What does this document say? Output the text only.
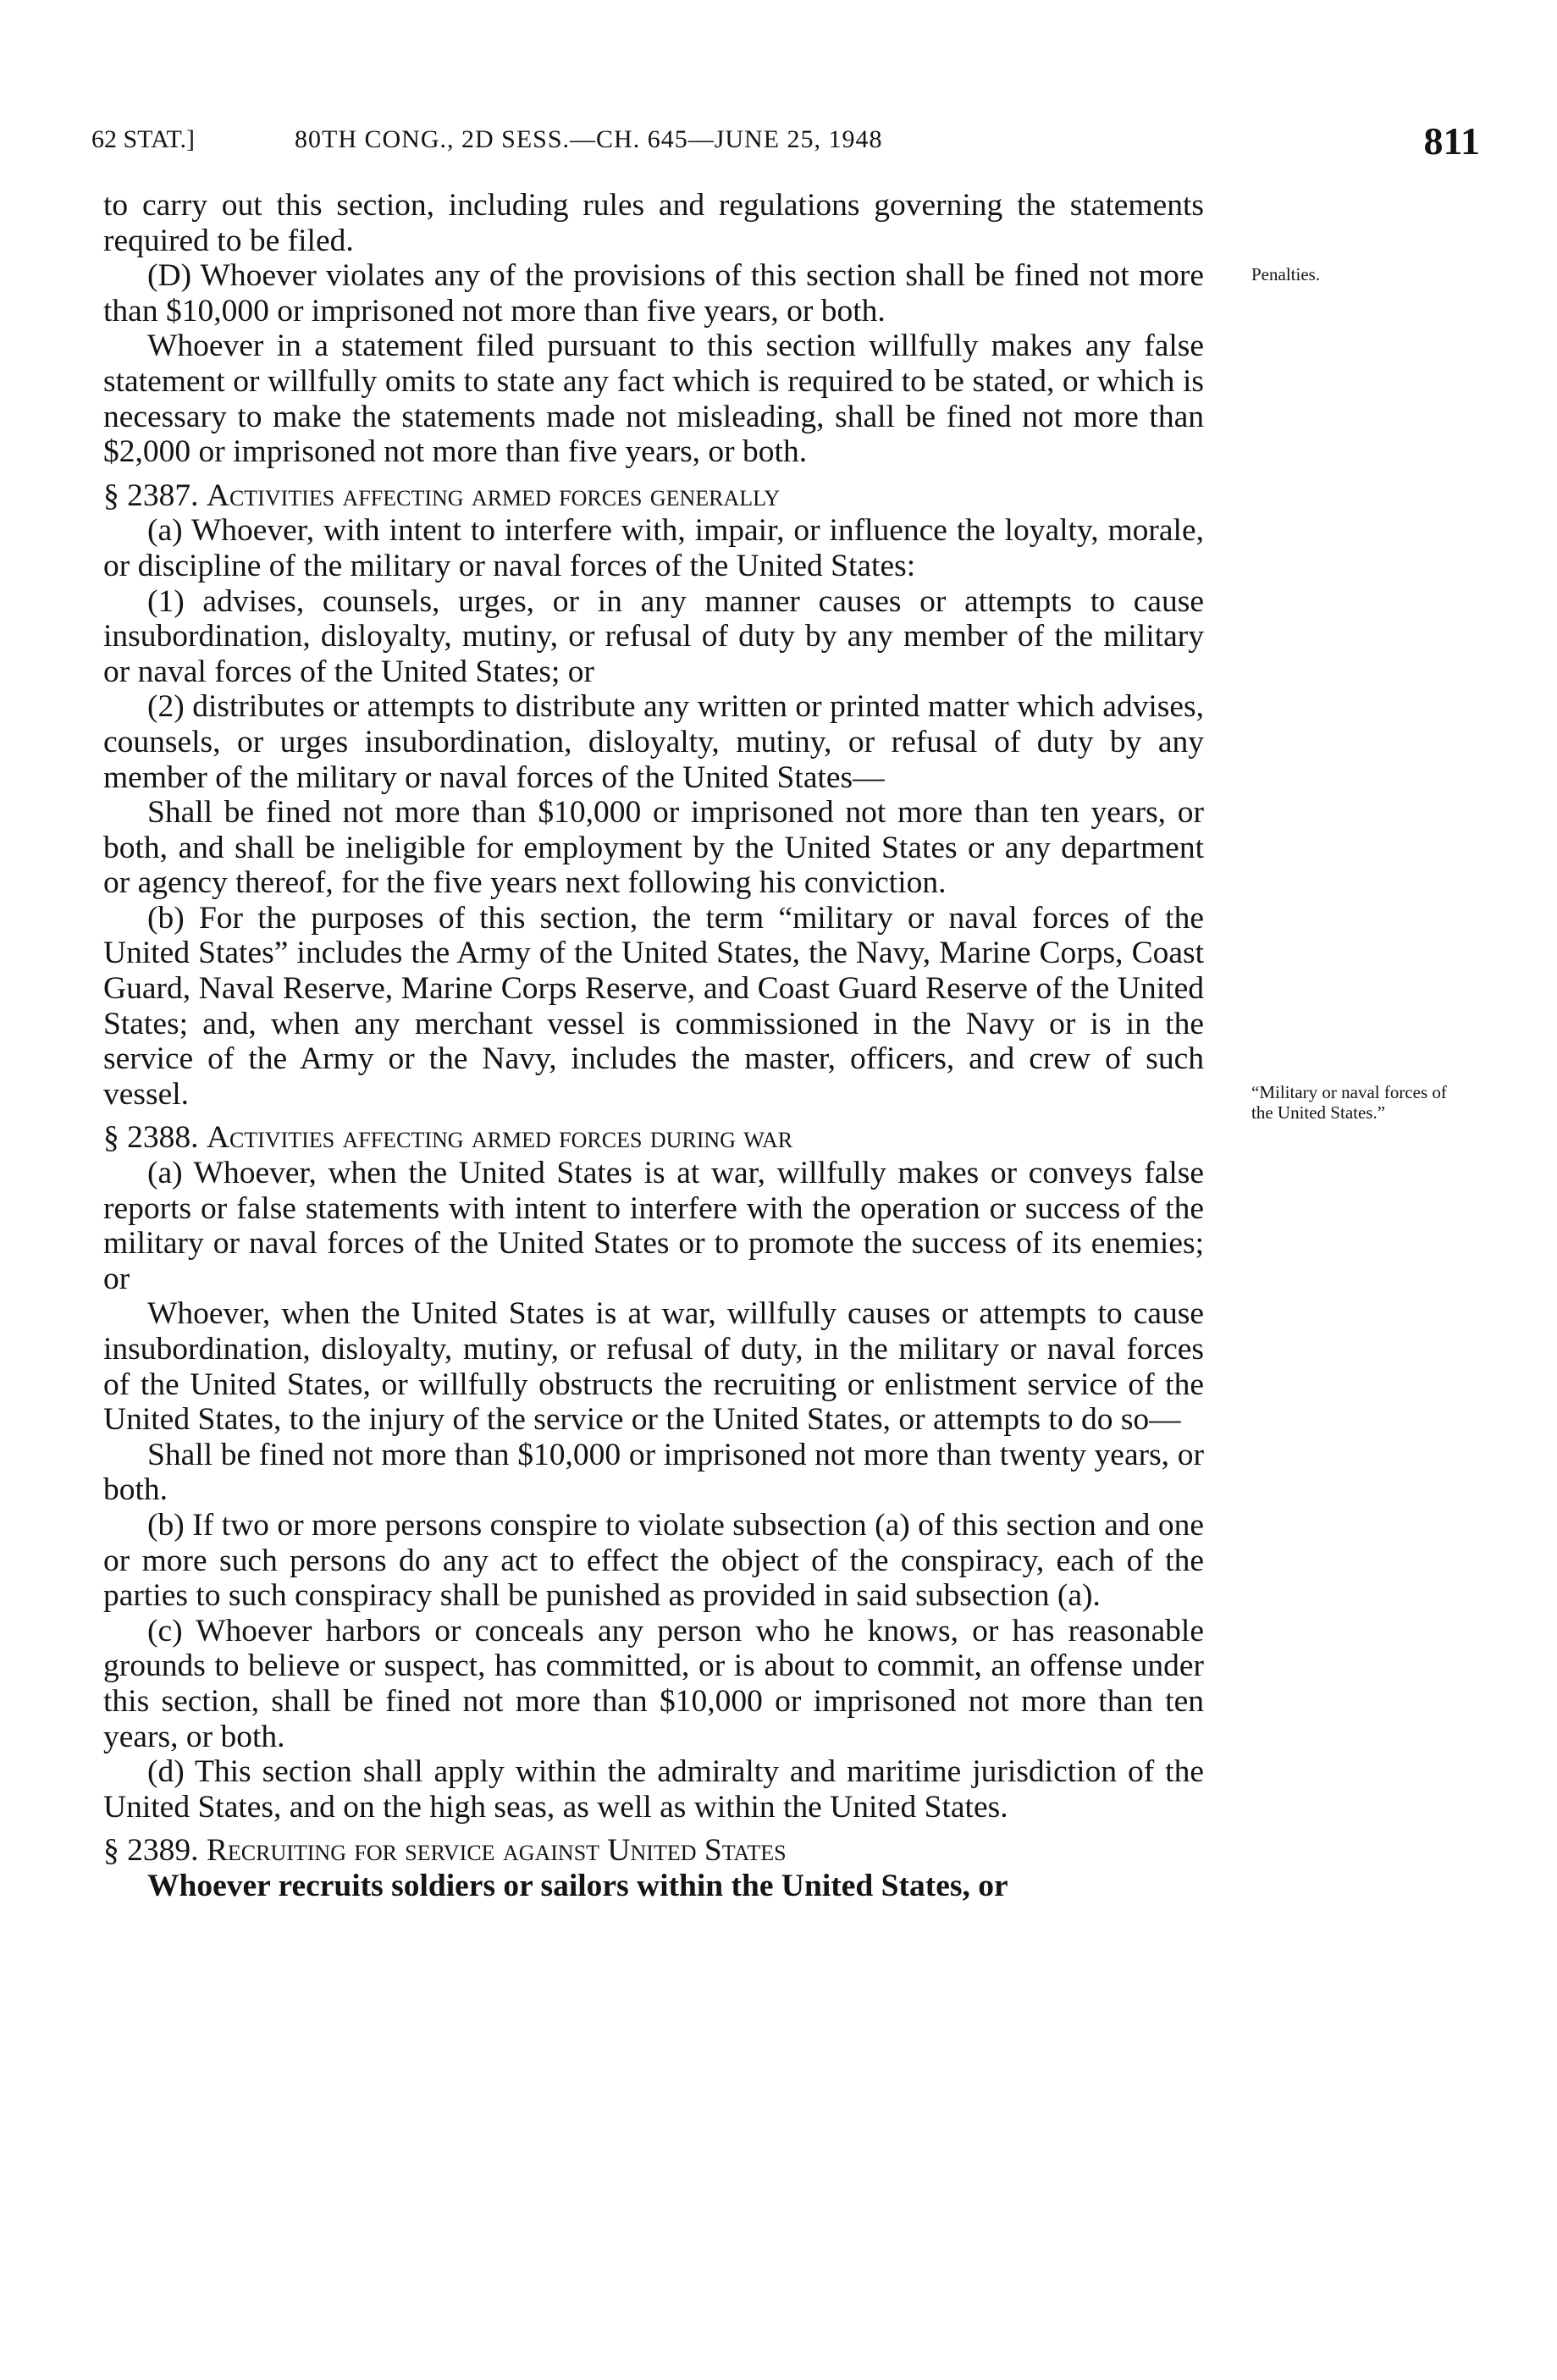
62 STAT.]	80TH CONG., 2D SESS.—CH. 645—JUNE 25, 1948	811

to carry out this section, including rules and regulations governing the statements required to be filed.

(D) Whoever violates any of the provisions of this section shall be fined not more than $10,000 or imprisoned not more than five years, or both.

Whoever in a statement filed pursuant to this section willfully makes any false statement or willfully omits to state any fact which is required to be stated, or which is necessary to make the statements made not misleading, shall be fined not more than $2,000 or imprisoned not more than five years, or both.

§ 2387. Activities affecting armed forces generally

(a) Whoever, with intent to interfere with, impair, or influence the loyalty, morale, or discipline of the military or naval forces of the United States:

(1) advises, counsels, urges, or in any manner causes or attempts to cause insubordination, disloyalty, mutiny, or refusal of duty by any member of the military or naval forces of the United States; or

(2) distributes or attempts to distribute any written or printed matter which advises, counsels, or urges insubordination, disloyalty, mutiny, or refusal of duty by any member of the military or naval forces of the United States—

Shall be fined not more than $10,000 or imprisoned not more than ten years, or both, and shall be ineligible for employment by the United States or any department or agency thereof, for the five years next following his conviction.

(b) For the purposes of this section, the term “military or naval forces of the United States” includes the Army of the United States, the Navy, Marine Corps, Coast Guard, Naval Reserve, Marine Corps Reserve, and Coast Guard Reserve of the United States; and, when any merchant vessel is commissioned in the Navy or is in the service of the Army or the Navy, includes the master, officers, and crew of such vessel.

§ 2388. Activities affecting armed forces during war

(a) Whoever, when the United States is at war, willfully makes or conveys false reports or false statements with intent to interfere with the operation or success of the military or naval forces of the United States or to promote the success of its enemies; or

Whoever, when the United States is at war, willfully causes or attempts to cause insubordination, disloyalty, mutiny, or refusal of duty, in the military or naval forces of the United States, or willfully obstructs the recruiting or enlistment service of the United States, to the injury of the service or the United States, or attempts to do so—

Shall be fined not more than $10,000 or imprisoned not more than twenty years, or both.

(b) If two or more persons conspire to violate subsection (a) of this section and one or more such persons do any act to effect the object of the conspiracy, each of the parties to such conspiracy shall be punished as provided in said subsection (a).

(c) Whoever harbors or conceals any person who he knows, or has reasonable grounds to believe or suspect, has committed, or is about to commit, an offense under this section, shall be fined not more than $10,000 or imprisoned not more than ten years, or both.

(d) This section shall apply within the admiralty and maritime jurisdiction of the United States, and on the high seas, as well as within the United States.

§ 2389. Recruiting for service against United States

Whoever recruits soldiers or sailors within the United States, or

Penalties.
“Military or naval forces of the United States.”
